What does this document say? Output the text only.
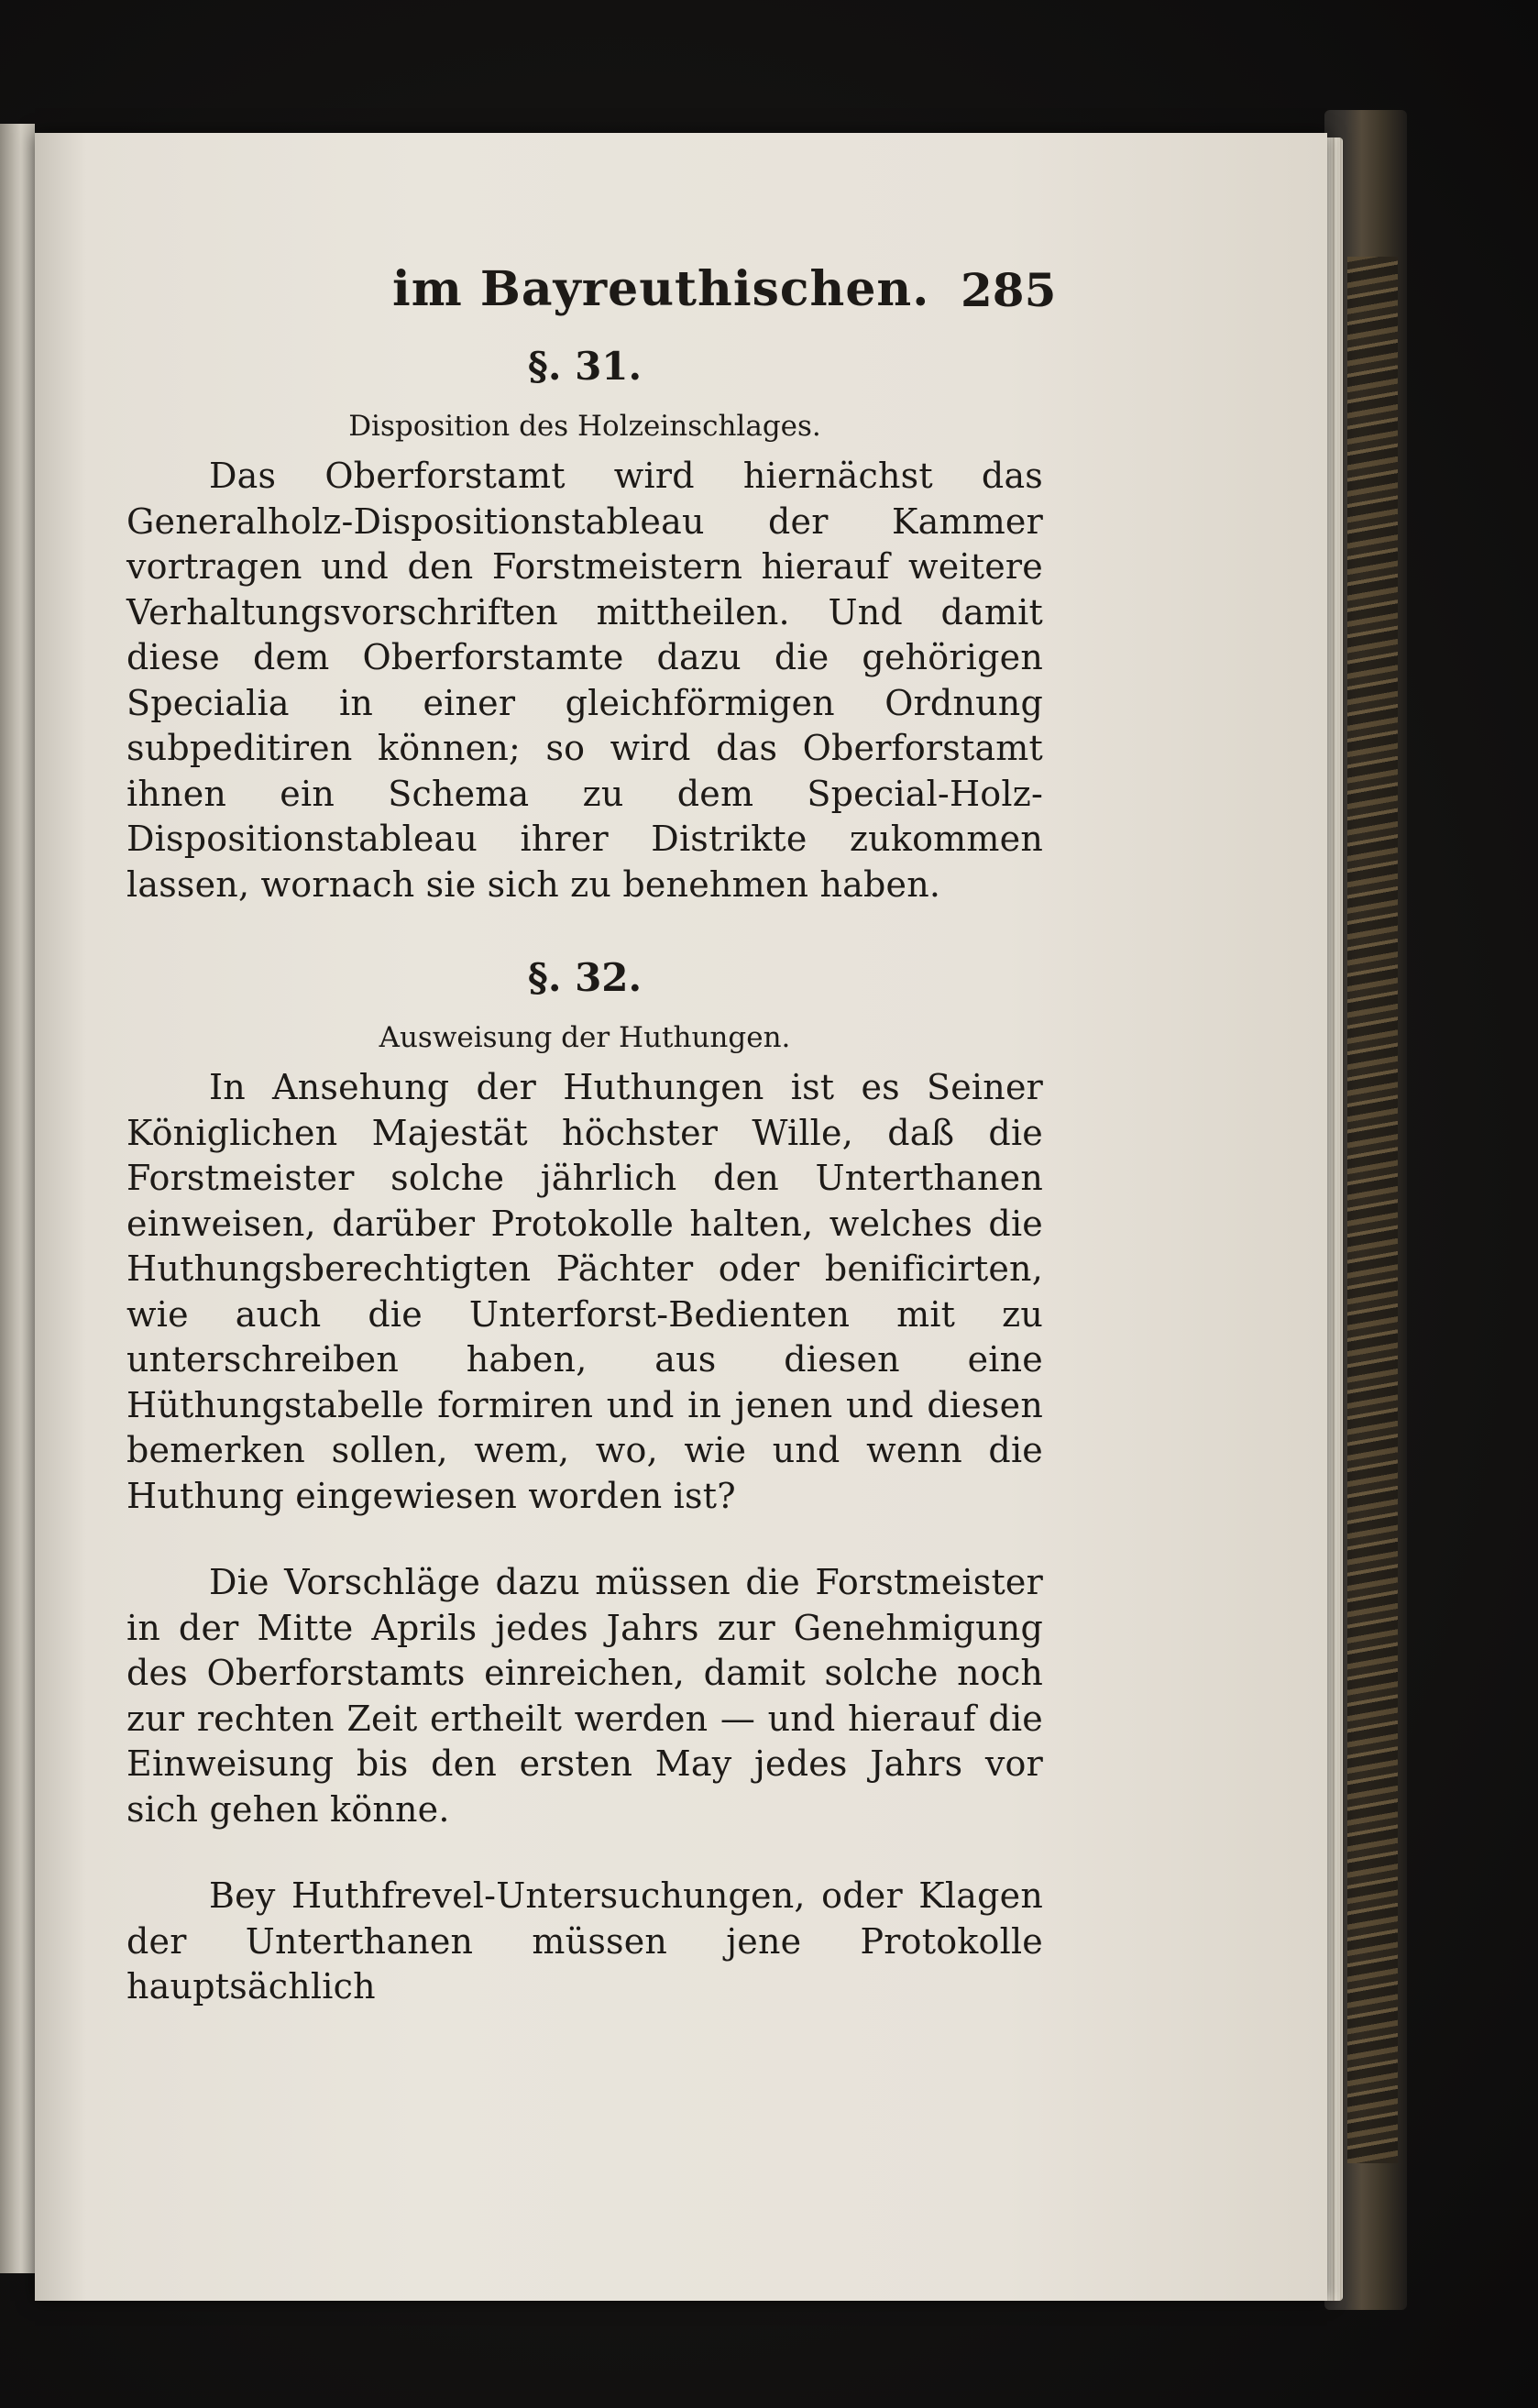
im Bayreuthischen. 285
§. 31.
Disposition des Holzeinschlages.

Das Oberforstamt wird hiernächst das Generalholz-Dispositionstableau der Kammer vortragen und den Forstmeistern hierauf weitere Verhaltungsvorschriften mittheilen. Und damit diese dem Oberforstamte dazu die gehörigen Specialia in einer gleichförmigen Ordnung subpeditiren können; so wird das Oberforstamt ihnen ein Schema zu dem Special-Holz-Dispositionstableau ihrer Distrikte zukommen lassen, wornach sie sich zu benehmen haben.

§. 32.
Ausweisung der Huthungen.

In Ansehung der Huthungen ist es Seiner Königlichen Majestät höchster Wille, daß die Forstmeister solche jährlich den Unterthanen einweisen, darüber Protokolle halten, welches die Huthungsberechtigten Pächter oder benificirten, wie auch die Unterforst-Bedienten mit zu unterschreiben haben, aus diesen eine Hüthungstabelle formiren und in jenen und diesen bemerken sollen, wem, wo, wie und wenn die Huthung eingewiesen worden ist?

Die Vorschläge dazu müssen die Forstmeister in der Mitte Aprils jedes Jahrs zur Genehmigung des Oberforstamts einreichen, damit solche noch zur rechten Zeit ertheilt werden — und hierauf die Einweisung bis den ersten May jedes Jahrs vor sich gehen könne.

Bey Huthfrevel-Untersuchungen, oder Klagen der Unterthanen müssen jene Protokolle hauptsächlich
